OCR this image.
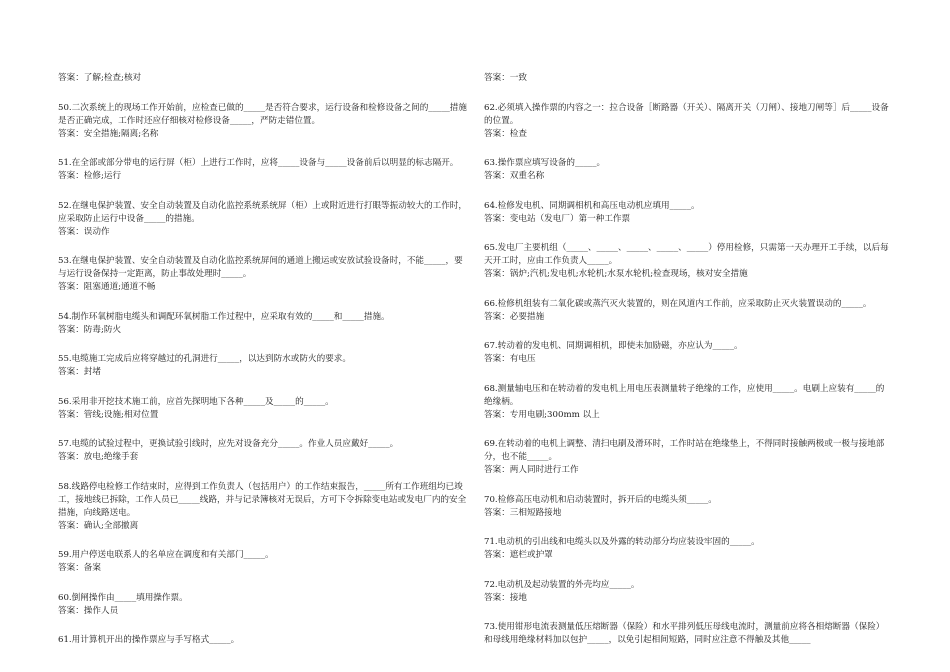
答案：了解;检查;核对

50.二次系统上的现场工作开始前，应检查已做的_____是否符合要求，运行设备和检修设备之间的_____措施是否正确完成，工作时还应仔细核对检修设备_____，严防走错位置。

答案：安全措施;隔离;名称

51.在全部或部分带电的运行屏（柜）上进行工作时，应将_____设备与_____设备前后以明显的标志隔开。

答案：检修;运行

52.在继电保护装置、安全自动装置及自动化监控系统系统屏（柜）上或附近进行打眼等振动较大的工作时，应采取防止运行中设备_____的措施。

答案：误动作

53.在继电保护装置、安全自动装置及自动化监控系统屏间的通道上搬运或安放试验设备时，不能_____，要与运行设备保持一定距离，防止事故处理时_____。

答案：阻塞通道;通道不畅

54.制作环氧树脂电缆头和调配环氧树脂工作过程中，应采取有效的_____和_____措施。

答案：防毒;防火

55.电缆施工完成后应将穿越过的孔洞进行_____，以达到防水或防火的要求。

答案：封堵

56.采用非开挖技术施工前，应首先探明地下各种_____及_____的_____。

答案：管线;设施;相对位置

57.电缆的试验过程中，更换试验引线时，应先对设备充分_____。作业人员应戴好_____。

答案：放电;绝缘手套

58.线路停电检修工作结束时，应得到工作负责人（包括用户）的工作结束报告，_____所有工作班组均已竣工，接地线已拆除，工作人员已_____线路，并与记录簿核对无误后，方可下令拆除变电站或发电厂内的安全措施，向线路送电。

答案：确认;全部撤离

59.用户停送电联系人的名单应在调度和有关部门_____。

答案：备案

60.倒闸操作由_____填用操作票。

答案：操作人员

61.用计算机开出的操作票应与手写格式_____。

答案：一致

62.必须填入操作票的内容之一：拉合设备［断路器（开关）、隔离开关（刀闸）、接地刀闸等］后_____设备的位置。

答案：检查

63.操作票应填写设备的_____。

答案：双重名称

64.检修发电机、同期调相机和高压电动机应填用_____。

答案：变电站（发电厂）第一种工作票

65.发电厂主要机组（_____、_____、_____、_____、_____）停用检修，只需第一天办理开工手续，以后每天开工时，应由工作负责人_____。

答案：锅炉;汽机;发电机;水轮机;水泵水轮机;检查现场，核对安全措施

66.检修机组装有二氧化碳或蒸汽灭火装置的，则在风道内工作前，应采取防止灭火装置误动的_____。

答案：必要措施

67.转动着的发电机、同期调相机，即使未加励磁，亦应认为_____。

答案：有电压

68.测量轴电压和在转动着的发电机上用电压表测量转子绝缘的工作，应使用_____。电刷上应装有_____的绝缘柄。

答案：专用电刷;300mm 以上

69.在转动着的电机上调整、清扫电刷及滑环时，工作时站在绝缘垫上，不得同时接触两极或一极与接地部分，也不能_____。

答案：两人同时进行工作

70.检修高压电动机和启动装置时，拆开后的电缆头须_____。

答案：三相短路接地

71.电动机的引出线和电缆头以及外露的转动部分均应装设牢固的_____。

答案：遮栏或护罩

72.电动机及起动装置的外壳均应_____。

答案：接地

73.使用钳形电流表测量低压熔断器（保险）和水平排列低压母线电流时，测量前应将各相熔断器（保险）和母线用绝缘材料加以包护_____，以免引起相间短路，同时应注意不得触及其他_____
